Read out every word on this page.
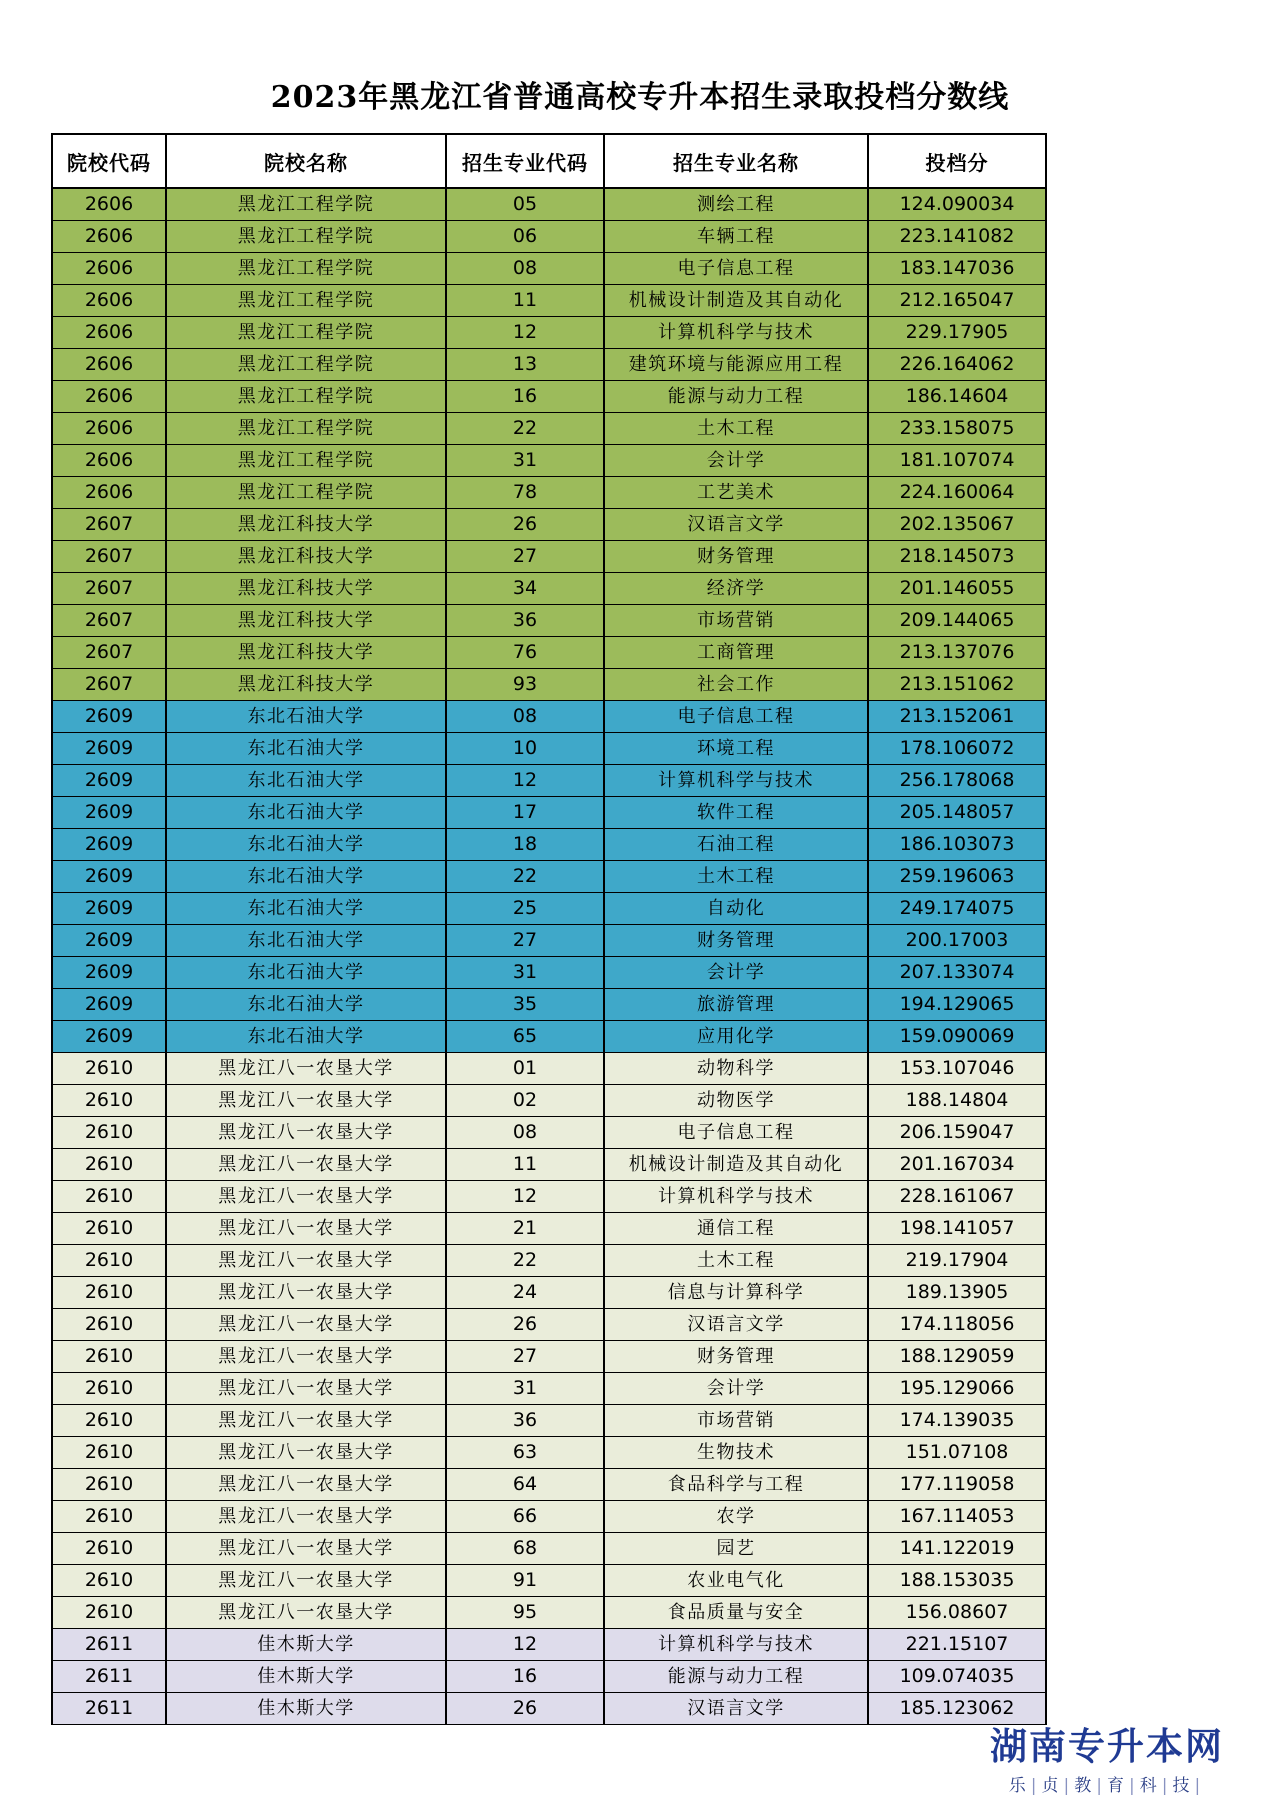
2023年黑龙江省普通高校专升本招生录取投档分数线
院校代码	院校名称	招生专业代码	招生专业名称	投档分
2606	黑龙江工程学院	05	测绘工程	124.090034
2606	黑龙江工程学院	06	车辆工程	223.141082
2606	黑龙江工程学院	08	电子信息工程	183.147036
2606	黑龙江工程学院	11	机械设计制造及其自动化	212.165047
2606	黑龙江工程学院	12	计算机科学与技术	229.17905
2606	黑龙江工程学院	13	建筑环境与能源应用工程	226.164062
2606	黑龙江工程学院	16	能源与动力工程	186.14604
2606	黑龙江工程学院	22	土木工程	233.158075
2606	黑龙江工程学院	31	会计学	181.107074
2606	黑龙江工程学院	78	工艺美术	224.160064
2607	黑龙江科技大学	26	汉语言文学	202.135067
2607	黑龙江科技大学	27	财务管理	218.145073
2607	黑龙江科技大学	34	经济学	201.146055
2607	黑龙江科技大学	36	市场营销	209.144065
2607	黑龙江科技大学	76	工商管理	213.137076
2607	黑龙江科技大学	93	社会工作	213.151062
2609	东北石油大学	08	电子信息工程	213.152061
2609	东北石油大学	10	环境工程	178.106072
2609	东北石油大学	12	计算机科学与技术	256.178068
2609	东北石油大学	17	软件工程	205.148057
2609	东北石油大学	18	石油工程	186.103073
2609	东北石油大学	22	土木工程	259.196063
2609	东北石油大学	25	自动化	249.174075
2609	东北石油大学	27	财务管理	200.17003
2609	东北石油大学	31	会计学	207.133074
2609	东北石油大学	35	旅游管理	194.129065
2609	东北石油大学	65	应用化学	159.090069
2610	黑龙江八一农垦大学	01	动物科学	153.107046
2610	黑龙江八一农垦大学	02	动物医学	188.14804
2610	黑龙江八一农垦大学	08	电子信息工程	206.159047
2610	黑龙江八一农垦大学	11	机械设计制造及其自动化	201.167034
2610	黑龙江八一农垦大学	12	计算机科学与技术	228.161067
2610	黑龙江八一农垦大学	21	通信工程	198.141057
2610	黑龙江八一农垦大学	22	土木工程	219.17904
2610	黑龙江八一农垦大学	24	信息与计算科学	189.13905
2610	黑龙江八一农垦大学	26	汉语言文学	174.118056
2610	黑龙江八一农垦大学	27	财务管理	188.129059
2610	黑龙江八一农垦大学	31	会计学	195.129066
2610	黑龙江八一农垦大学	36	市场营销	174.139035
2610	黑龙江八一农垦大学	63	生物技术	151.07108
2610	黑龙江八一农垦大学	64	食品科学与工程	177.119058
2610	黑龙江八一农垦大学	66	农学	167.114053
2610	黑龙江八一农垦大学	68	园艺	141.122019
2610	黑龙江八一农垦大学	91	农业电气化	188.153035
2610	黑龙江八一农垦大学	95	食品质量与安全	156.08607
2611	佳木斯大学	12	计算机科学与技术	221.15107
2611	佳木斯大学	16	能源与动力工程	109.074035
2611	佳木斯大学	26	汉语言文学	185.123062
湖南专升本网
乐|贞|教|育|科|技|
